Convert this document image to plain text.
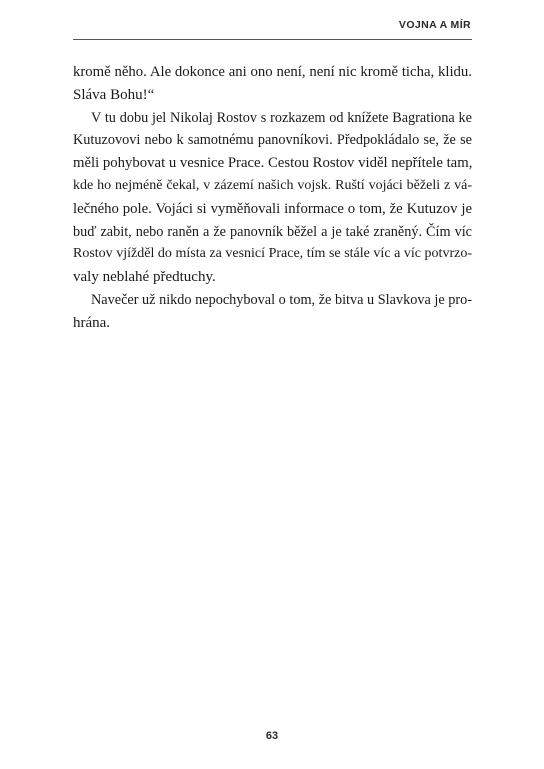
VOJNA A MÍR
kromě něho. Ale dokonce ani ono není, není nic kromě ticha, klidu.
Sláva Bohu!“
V tu dobu jel Nikolaj Rostov s rozkazem od knížete Bagrationa ke
Kutuzovovi nebo k samotnému panovníkovi. Předpokládalo se, že se
měli pohybovat u vesnice Prace. Cestou Rostov viděl nepřítele tam,
kde ho nejméně čekal, v zázemí našich vojsk. Ruští vojáci běželi z vá-
lečného pole. Vojáci si vyměňovali informace o tom, že Kutuzov je
buď zabit, nebo raněn a že panovník běžel a je také zraněný. Čím víc
Rostov vjížděl do místa za vesnicí Prace, tím se stále víc a víc potvrzo-
valy neblahé předtuchy.
Navečer už nikdo nepochyboval o tom, že bitva u Slavkova je pro-
hrána.
63
